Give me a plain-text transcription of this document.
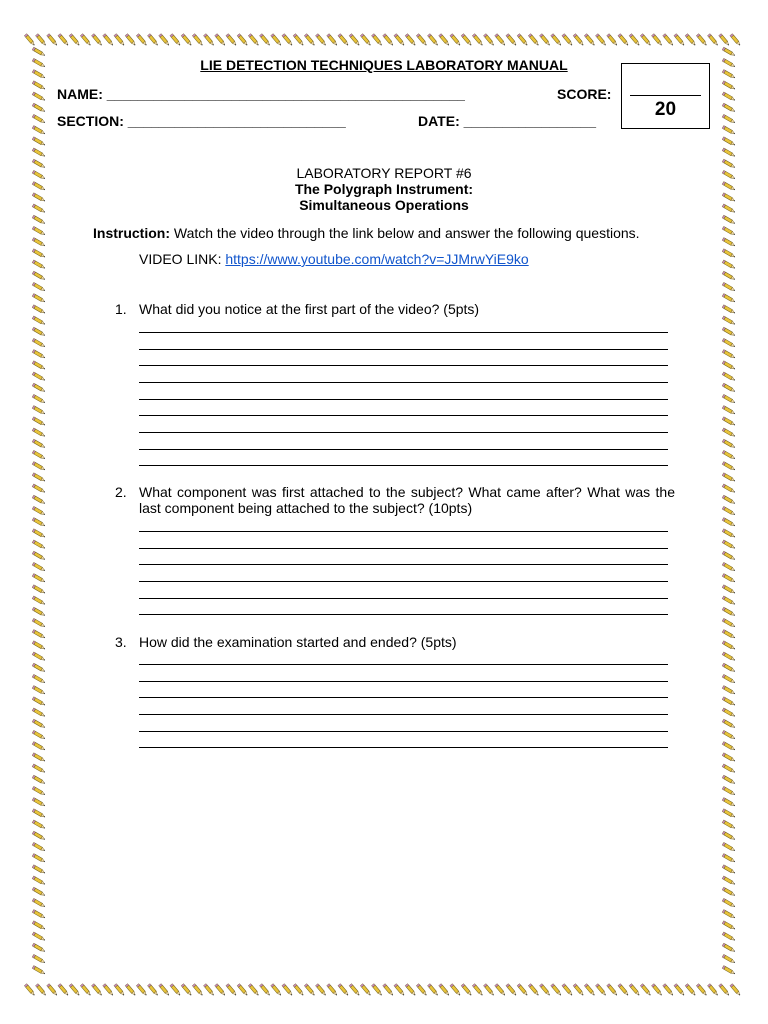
LIE DETECTION TECHNIQUES LABORATORY MANUAL
NAME: ______________________________________________	SCORE:
SECTION: ____________________________	DATE: _________________
20
LABORATORY REPORT #6
The Polygraph Instrument:
Simultaneous Operations
Instruction: Watch the video through the link below and answer the following questions.
VIDEO LINK: https://www.youtube.com/watch?v=JJMrwYiE9ko
1. What did you notice at the first part of the video? (5pts)
2. What component was first attached to the subject? What came after? What was the last component being attached to the subject? (10pts)
3. How did the examination started and ended? (5pts)
